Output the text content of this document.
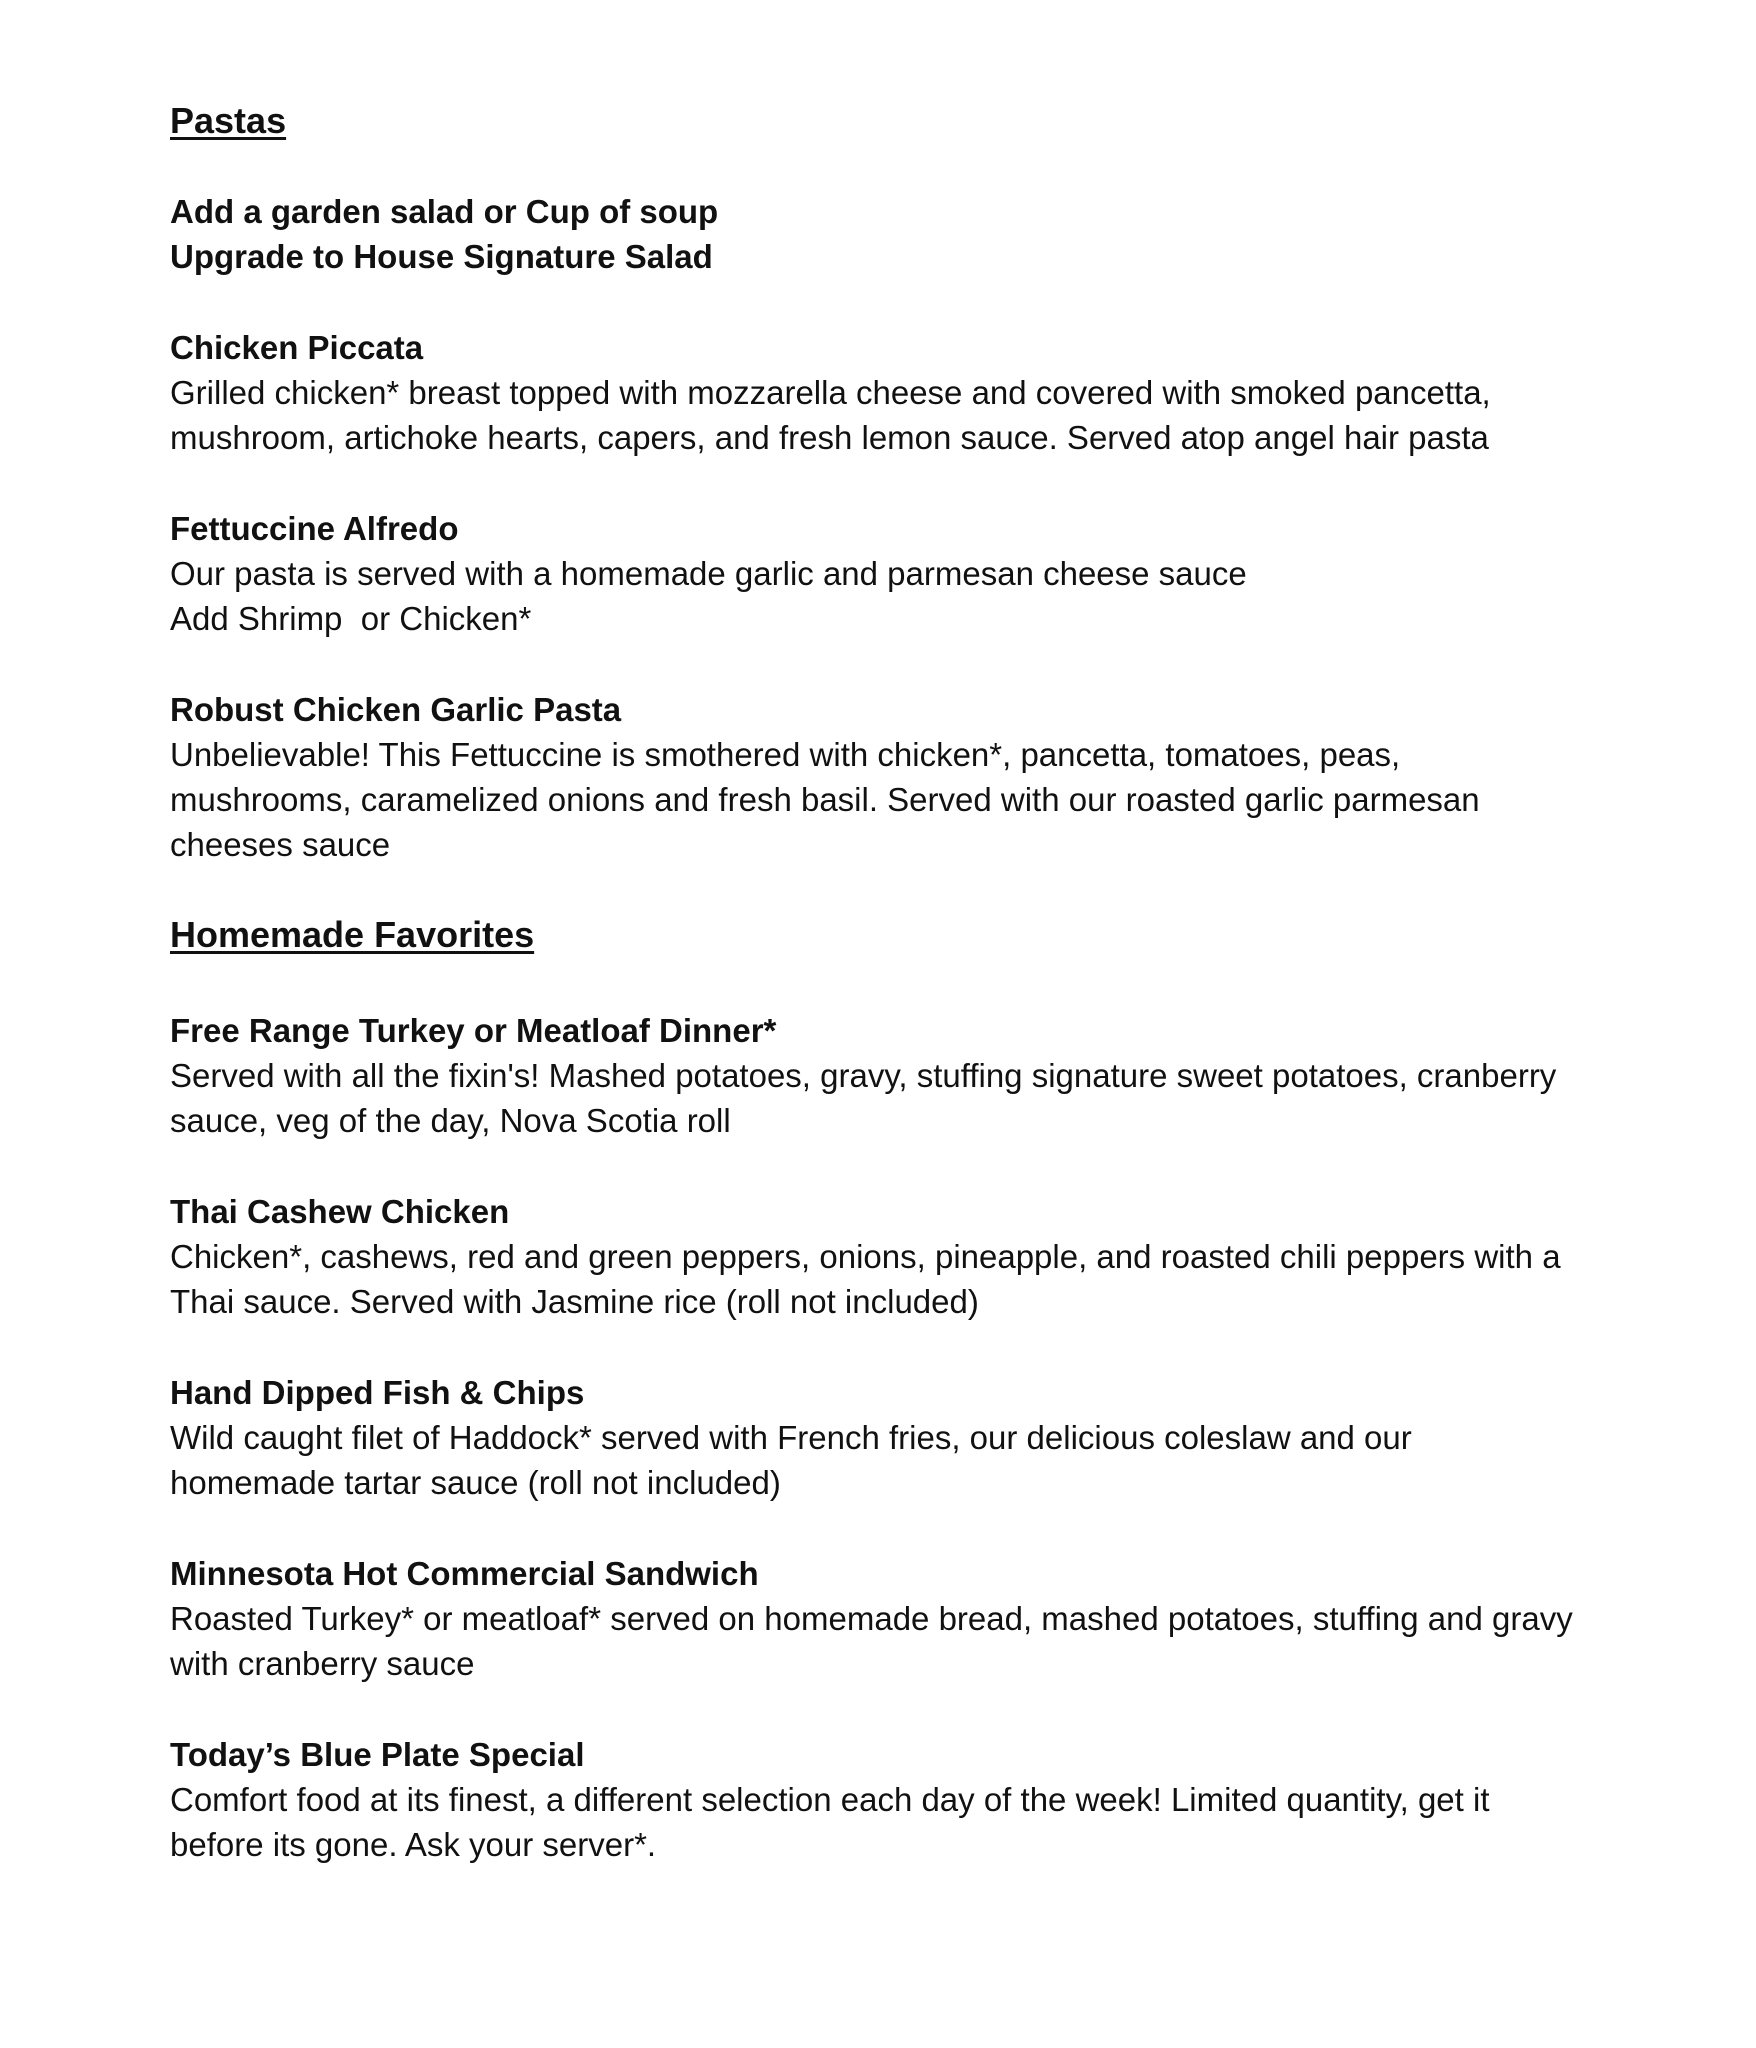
Pastas

Add a garden salad or Cup of soup

Upgrade to House Signature Salad

Chicken Piccata

Grilled chicken* breast topped with mozzarella cheese and covered with smoked pancetta,

mushroom, artichoke hearts, capers, and fresh lemon sauce. Served atop angel hair pasta

Fettuccine Alfredo

Our pasta is served with a homemade garlic and parmesan cheese sauce

Add Shrimp  or Chicken*

Robust Chicken Garlic Pasta

Unbelievable! This Fettuccine is smothered with chicken*, pancetta, tomatoes, peas,

mushrooms, caramelized onions and fresh basil. Served with our roasted garlic parmesan

cheeses sauce

Homemade Favorites

Free Range Turkey or Meatloaf Dinner*

Served with all the fixin's! Mashed potatoes, gravy, stuffing signature sweet potatoes, cranberry

sauce, veg of the day, Nova Scotia roll

Thai Cashew Chicken

Chicken*, cashews, red and green peppers, onions, pineapple, and roasted chili peppers with a

Thai sauce. Served with Jasmine rice (roll not included)

Hand Dipped Fish & Chips

Wild caught filet of Haddock* served with French fries, our delicious coleslaw and our

homemade tartar sauce (roll not included)

Minnesota Hot Commercial Sandwich

Roasted Turkey* or meatloaf* served on homemade bread, mashed potatoes, stuffing and gravy

with cranberry sauce

Today’s Blue Plate Special

Comfort food at its finest, a different selection each day of the week! Limited quantity, get it

before its gone. Ask your server*.
